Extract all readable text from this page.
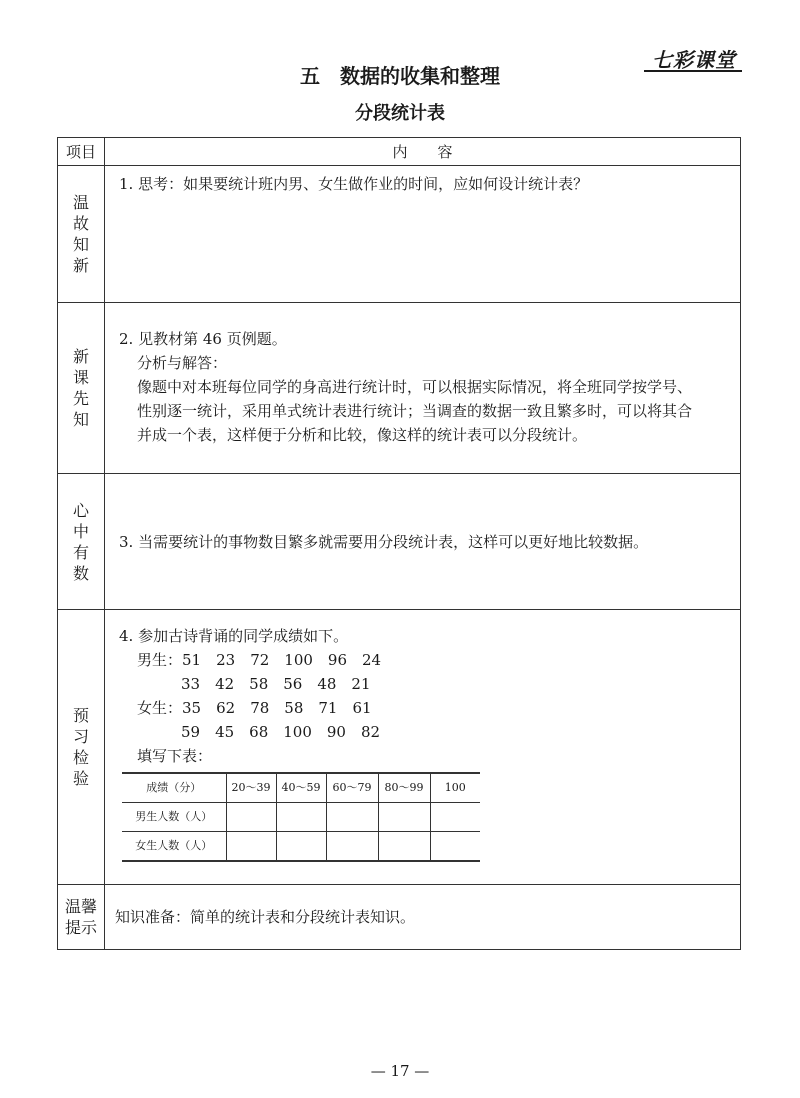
七彩课堂
五　数据的收集和整理
分段统计表
项目	内　　容
温故知新	
1. 思考：如果要统计班内男、女生做作业的时间，应如何设计统计表？

新课先知	
2. 见教材第 46 页例题。
分析与解答：
像题中对本班每位同学的身高进行统计时，可以根据实际情况，将全班同学按学号、
性别逐一统计，采用单式统计表进行统计；当调查的数据一致且繁多时，可以将其合
并成一个表，这样便于分析和比较，像这样的统计表可以分段统计。

心中有数	
3. 当需要统计的事物数目繁多就需要用分段统计表，这样可以更好地比较数据。

预习检验	
4. 参加古诗背诵的同学成绩如下。
男生：51　23　72　100　96　24
33　42　58　56　48　21
女生：35　62　78　58　71　61
59　45　68　100　90　82
填写下表：
成绩（分）	20～39	40～59	60～79	80～99	100
男生人数（人）					
女生人数（人）					

温馨提示	
知识准备：简单的统计表和分段统计表知识。
— 17 —
